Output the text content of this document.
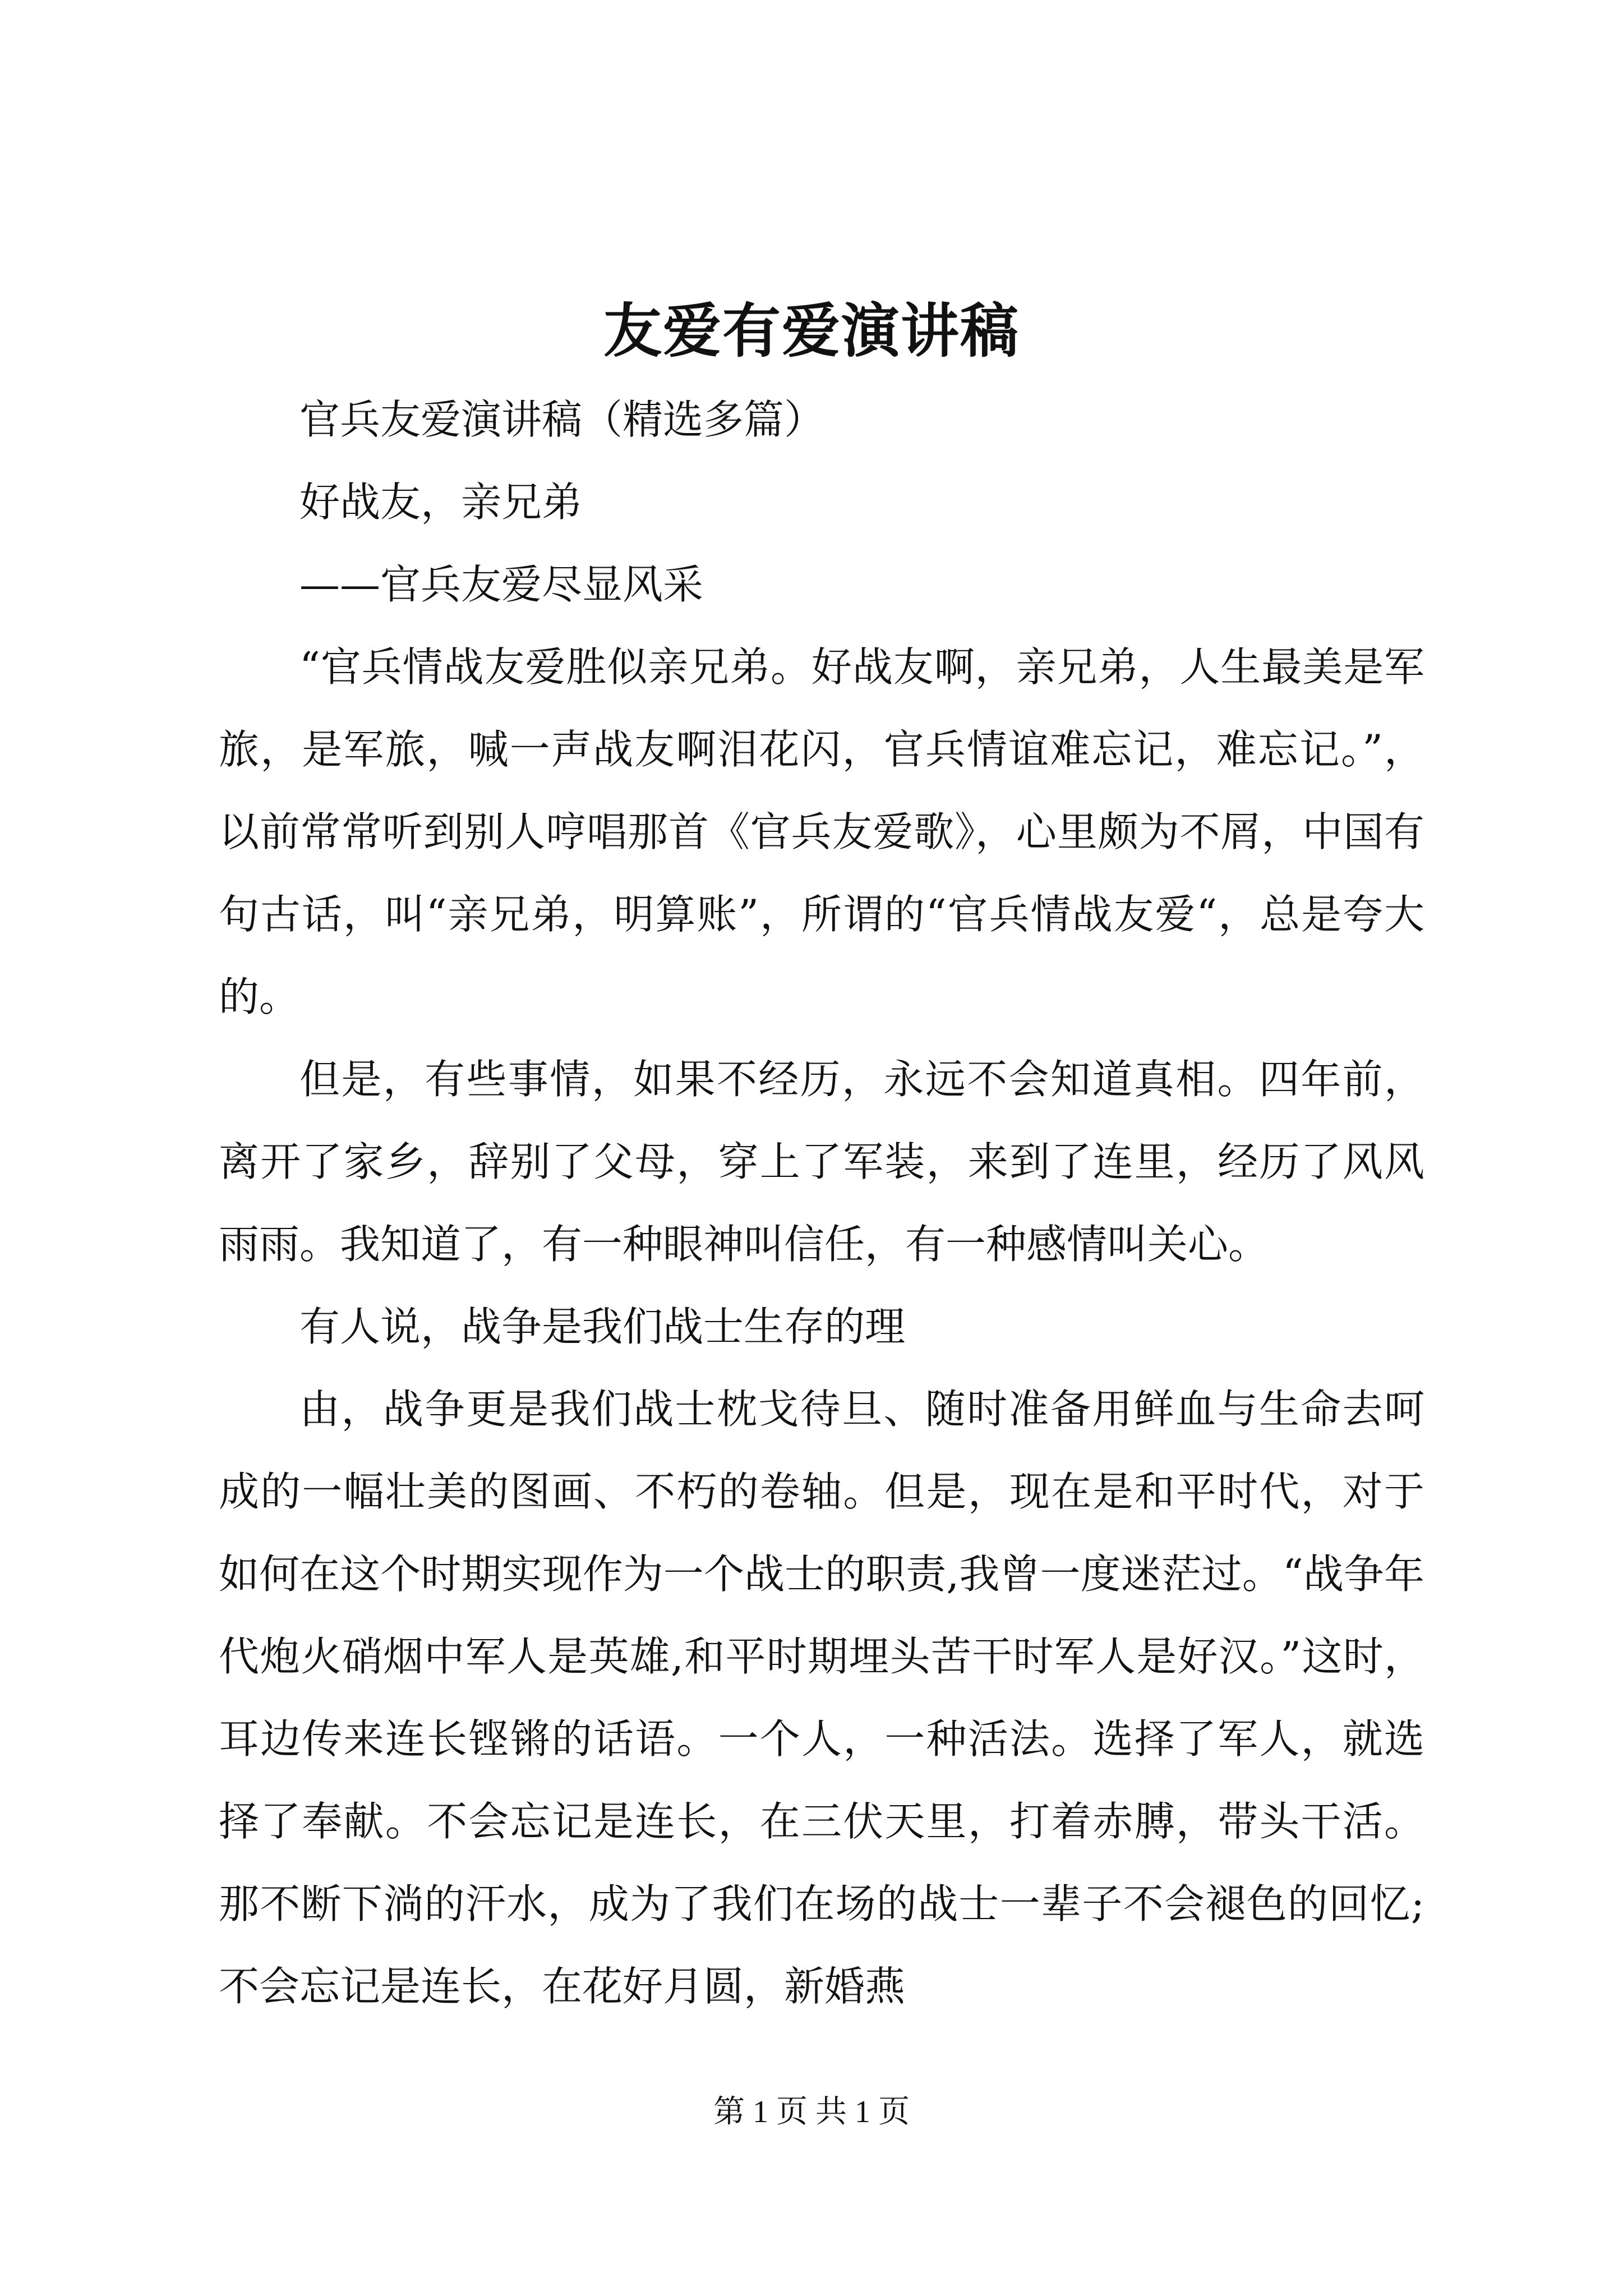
友爱有爱演讲稿

官兵友爱演讲稿（精选多篇）

好战友，亲兄弟

——官兵友爱尽显风采

“官兵情战友爱胜似亲兄弟。好战友啊，亲兄弟，人生最美是军旅，是军旅，喊一声战友啊泪花闪，官兵情谊难忘记，难忘记。”，以前常常听到别人哼唱那首《官兵友爱歌》，心里颇为不屑，中国有句古话，叫“亲兄弟，明算账”，所谓的“官兵情战友爱“，总是夸大的。

但是，有些事情，如果不经历，永远不会知道真相。四年前，离开了家乡，辞别了父母，穿上了军装，来到了连里，经历了风风雨雨。我知道了，有一种眼神叫信任，有一种感情叫关心。

有人说，战争是我们战士生存的理

由，战争更是我们战士枕戈待旦、随时准备用鲜血与生命去呵成的一幅壮美的图画、不朽的卷轴。但是，现在是和平时代，对于如何在这个时期实现作为一个战士的职责,我曾一度迷茫过。“战争年代炮火硝烟中军人是英雄,和平时期埋头苦干时军人是好汉。”这时，耳边传来连长铿锵的话语。一个人，一种活法。选择了军人，就选择了奉献。不会忘记是连长，在三伏天里，打着赤膊，带头干活。那不断下淌的汗水，成为了我们在场的战士一辈子不会褪色的回忆; 不会忘记是连长，在花好月圆，新婚燕

第 1 页 共 1 页
